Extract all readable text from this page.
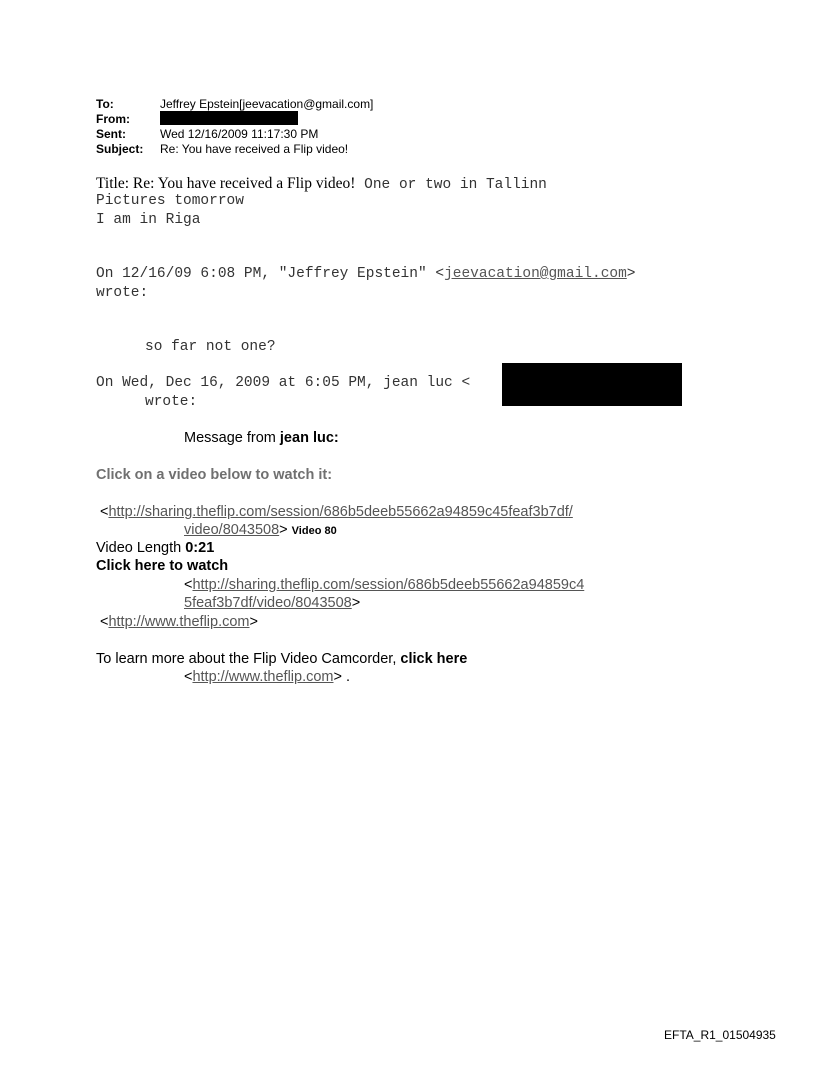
To:	Jeffrey Epstein[jeevacation@gmail.com]
From:
Sent:	Wed 12/16/2009 11:17:30 PM
Subject: Re: You have received a Flip video!
Title: Re: You have received a Flip video! One or two in Tallinn
Pictures tomorrow
I am in Riga
On 12/16/09 6:08 PM, "Jeffrey Epstein" <jeevacation@gmail.com>
wrote:
so far not one?
On Wed, Dec 16, 2009 at 6:05 PM, jean luc <
wrote:
Message from jean luc:
Click on a video below to watch it:
<http://sharing.theflip.com/session/686b5deeb55662a94859c45feaf3b7df/
video/8043508> Video 80
Video Length 0:21
Click here to watch
<http://sharing.theflip.com/session/686b5deeb55662a94859c4
5feaf3b7df/video/8043508>
<http://www.theflip.com>
To learn more about the Flip Video Camcorder, click here
<http://www.theflip.com> .
EFTA_R1_01504935
